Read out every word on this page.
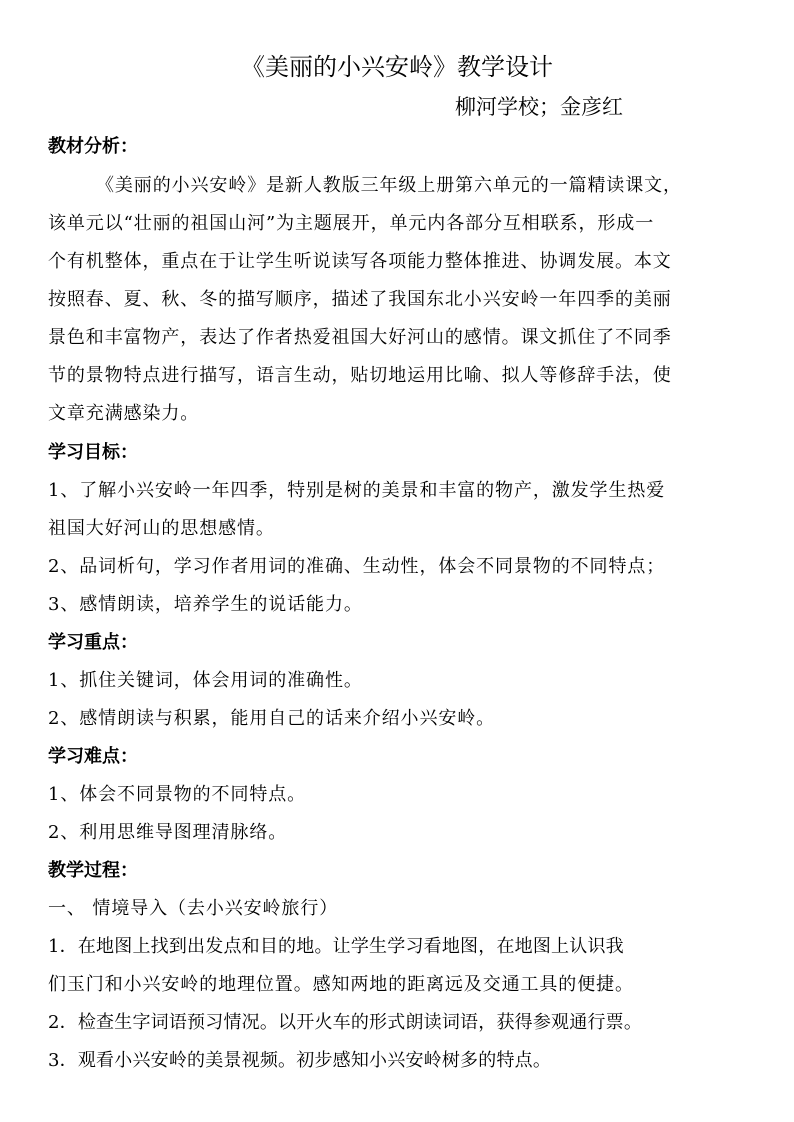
《美丽的小兴安岭》教学设计
柳河学校；金彦红
教材分析：
《美丽的小兴安岭》是新人教版三年级上册第六单元的一篇精读课文，
该单元以“壮丽的祖国山河”为主题展开，单元内各部分互相联系，形成一
个有机整体，重点在于让学生听说读写各项能力整体推进、协调发展。本文
按照春、夏、秋、冬的描写顺序，描述了我国东北小兴安岭一年四季的美丽
景色和丰富物产，表达了作者热爱祖国大好河山的感情。课文抓住了不同季
节的景物特点进行描写，语言生动，贴切地运用比喻、拟人等修辞手法，使
文章充满感染力。
学习目标：
1、了解小兴安岭一年四季，特别是树的美景和丰富的物产，激发学生热爱
祖国大好河山的思想感情。
2、品词析句，学习作者用词的准确、生动性，体会不同景物的不同特点；
3、感情朗读，培养学生的说话能力。
学习重点：
1、抓住关键词，体会用词的准确性。
2、感情朗读与积累，能用自己的话来介绍小兴安岭。
学习难点：
1、体会不同景物的不同特点。
2、利用思维导图理清脉络。
教学过程：
一、 情境导入（去小兴安岭旅行）
1．在地图上找到出发点和目的地。让学生学习看地图，在地图上认识我
们玉门和小兴安岭的地理位置。感知两地的距离远及交通工具的便捷。
2．检查生字词语预习情况。以开火车的形式朗读词语，获得参观通行票。
3．观看小兴安岭的美景视频。初步感知小兴安岭树多的特点。
